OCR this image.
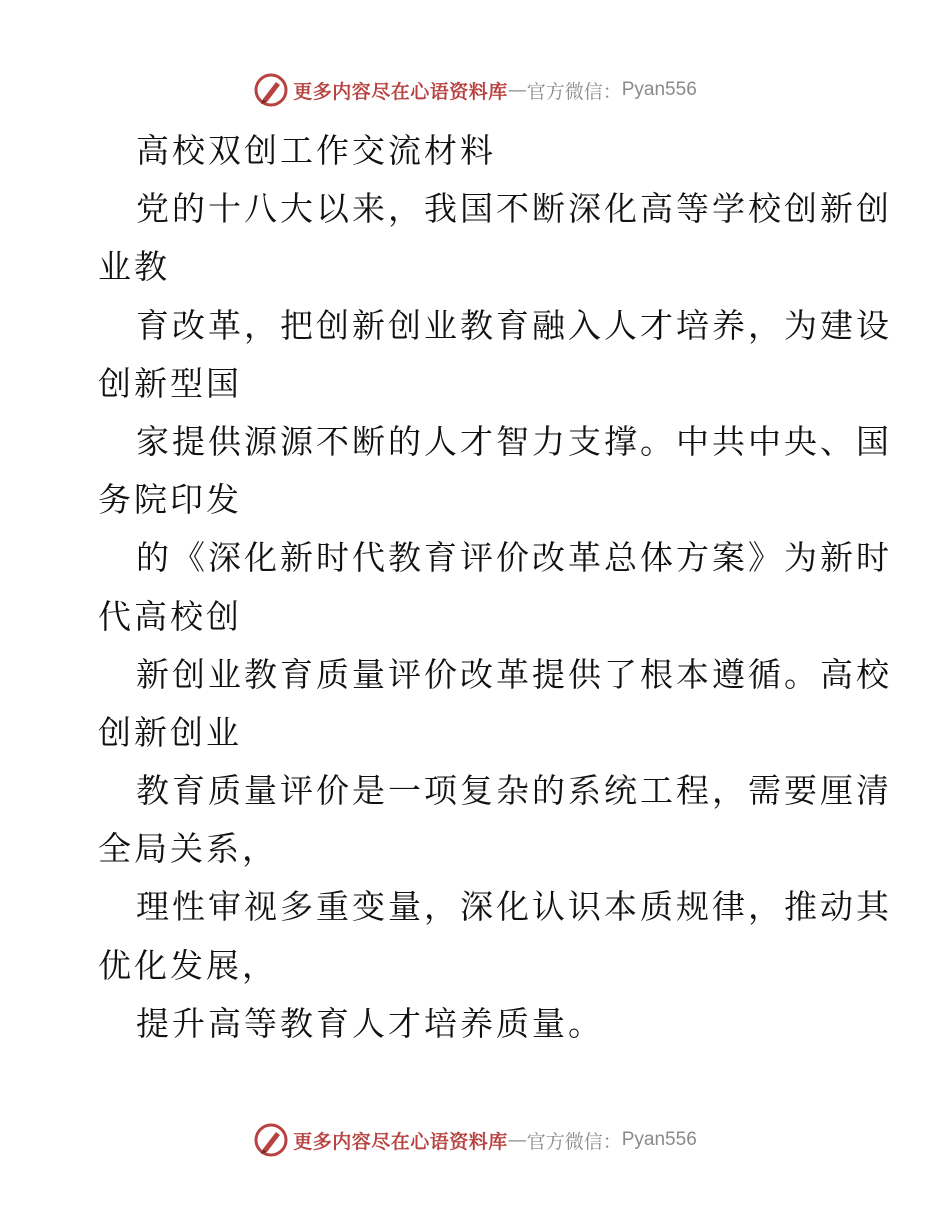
更多内容尽在心语资料库 — 官方微信： Pyan556
高校双创工作交流材料
党的十八大以来，我国不断深化高等学校创新创
业教
育改革，把创新创业教育融入人才培养，为建设
创新型国
家提供源源不断的人才智力支撑。中共中央、国
务院印发
的《深化新时代教育评价改革总体方案》为新时
代高校创
新创业教育质量评价改革提供了根本遵循。高校
创新创业
教育质量评价是一项复杂的系统工程，需要厘清
全局关系，
理性审视多重变量，深化认识本质规律，推动其
优化发展，
提升高等教育人才培养质量。
更多内容尽在心语资料库 — 官方微信： Pyan556
